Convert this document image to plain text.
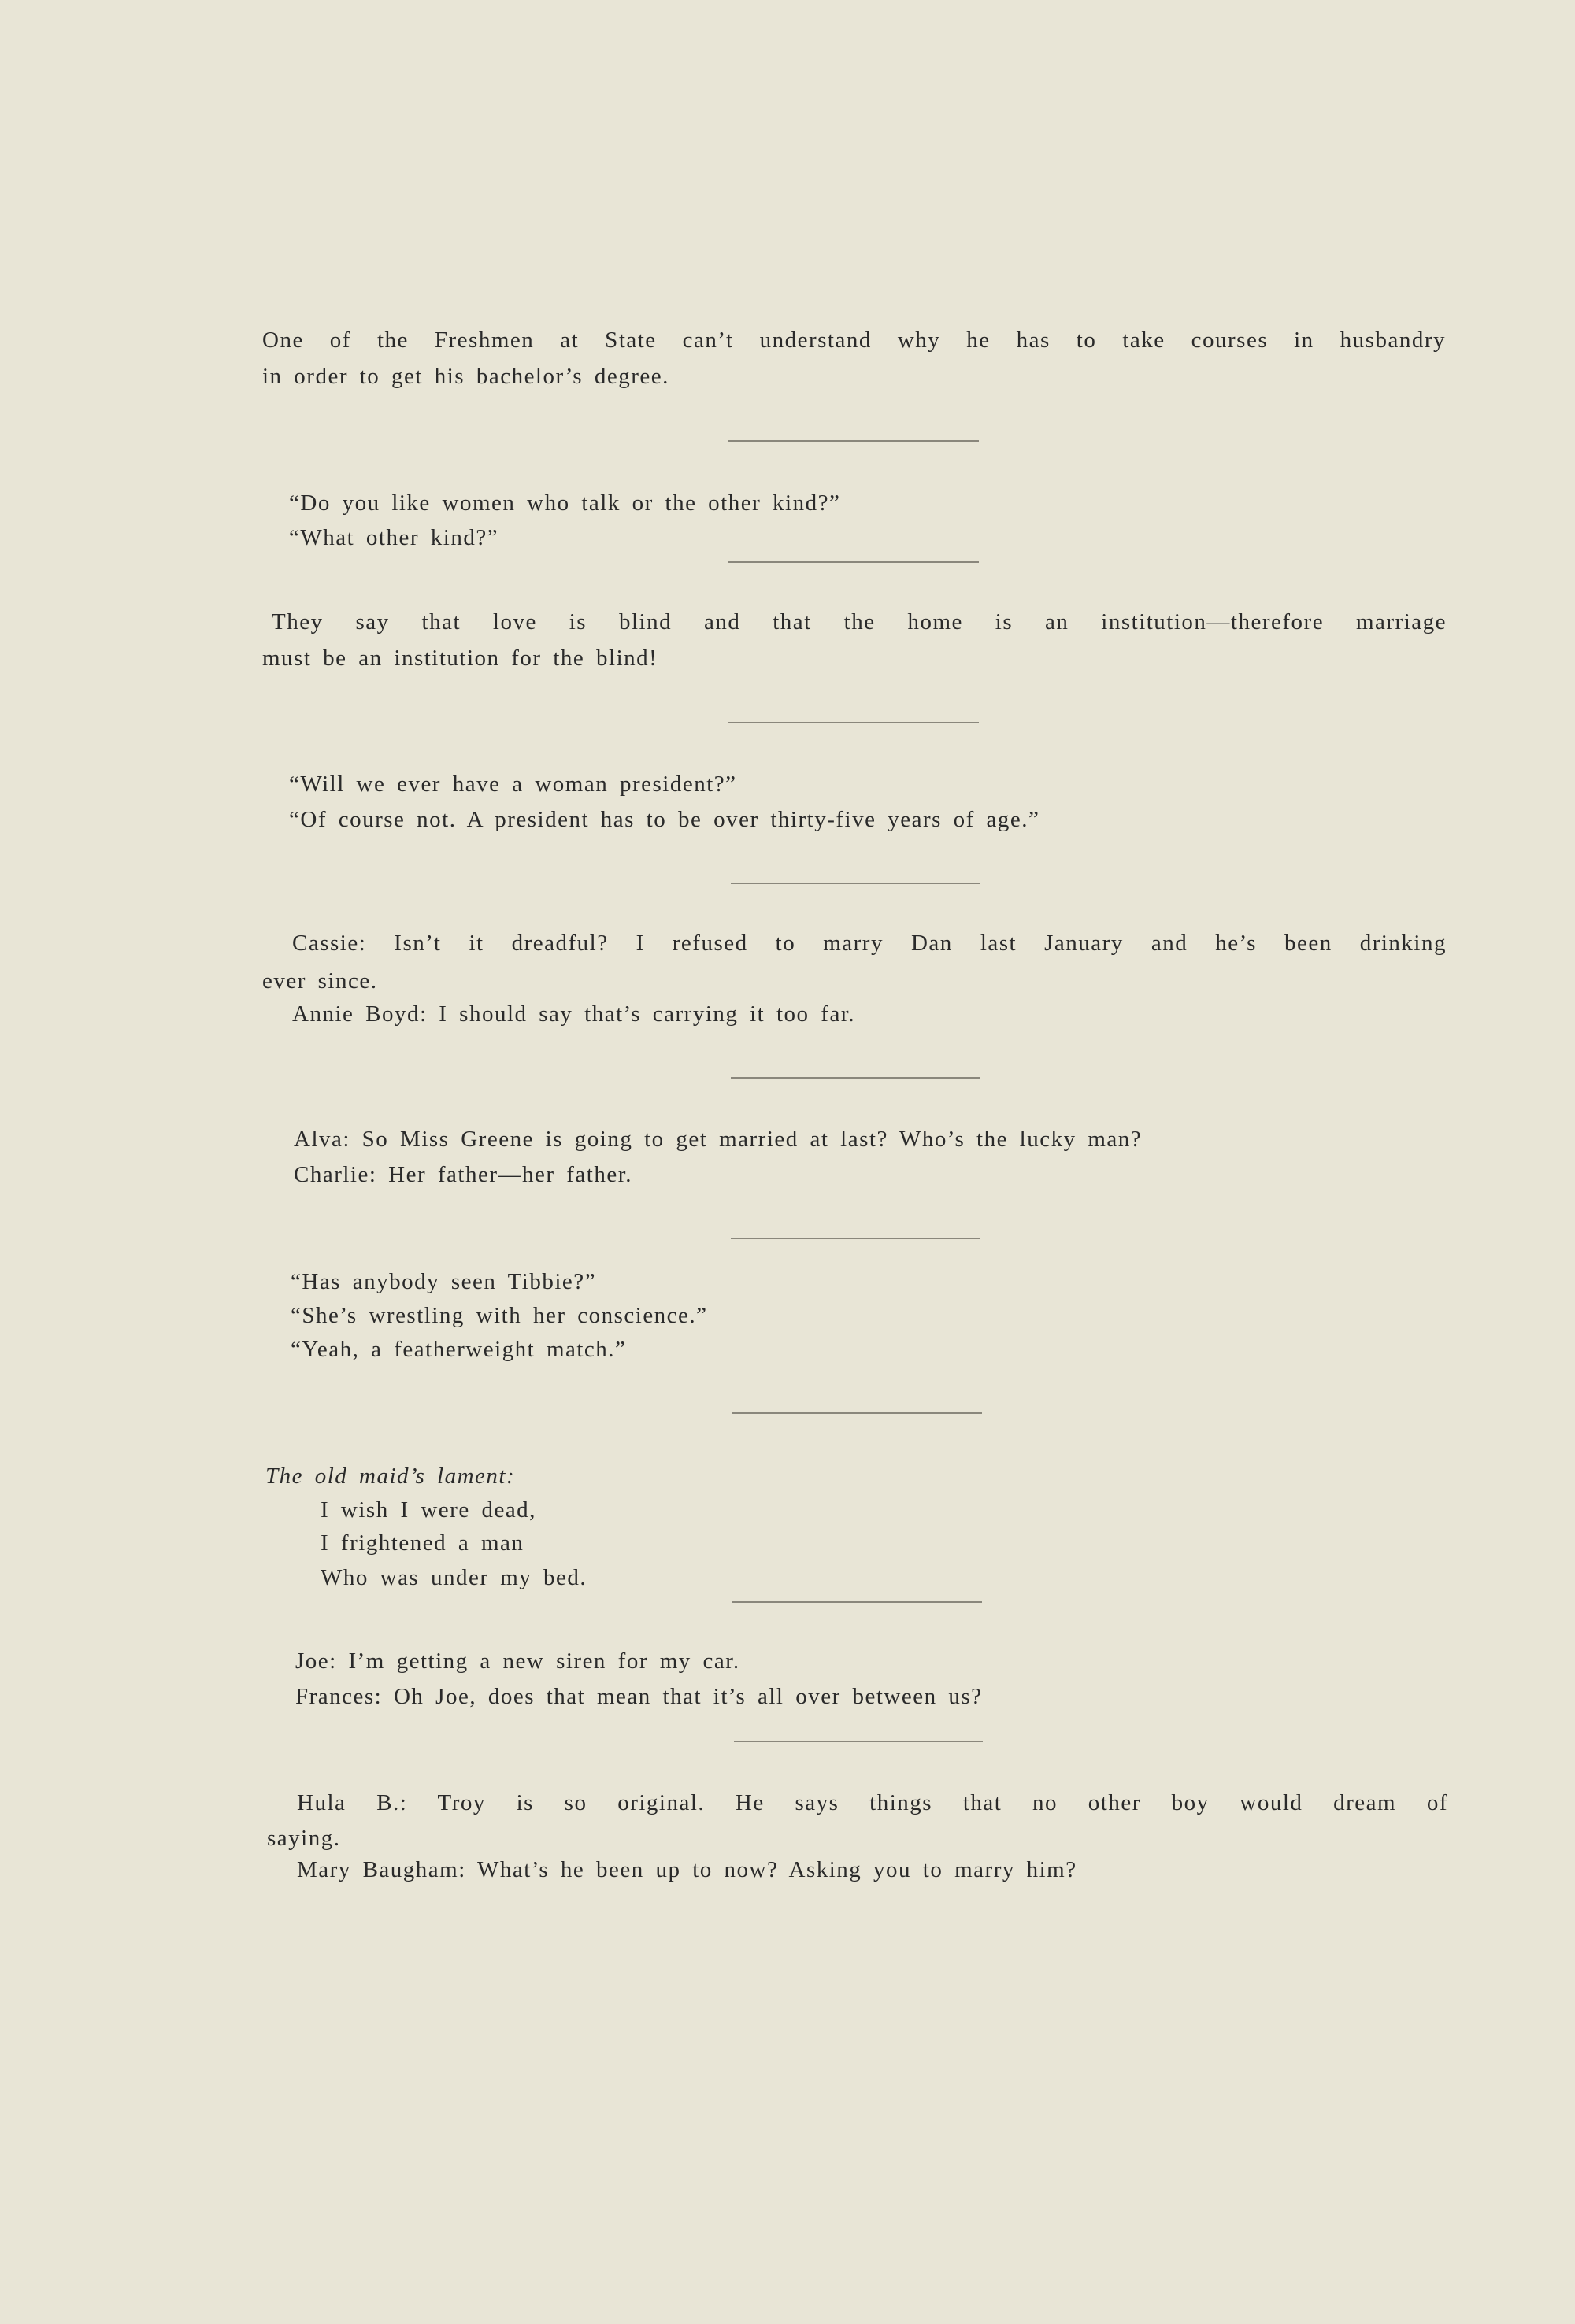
One of the Freshmen at State can’t understand why he has to take courses in husbandry
in order to get his bachelor’s degree.
“Do you like women who talk or the other kind?”
“What other kind?”
They say that love is blind and that the home is an institution—therefore marriage
must be an institution for the blind!
“Will we ever have a woman president?”
“Of course not. A president has to be over thirty-five years of age.”
Cassie: Isn’t it dreadful? I refused to marry Dan last January and he’s been drinking
ever since.
Annie Boyd: I should say that’s carrying it too far.
Alva: So Miss Greene is going to get married at last? Who’s the lucky man?
Charlie: Her father—her father.
“Has anybody seen Tibbie?”
“She’s wrestling with her conscience.”
“Yeah, a featherweight match.”
The old maid’s lament:
I wish I were dead,
I frightened a man
Who was under my bed.
Joe: I’m getting a new siren for my car.
Frances: Oh Joe, does that mean that it’s all over between us?
Hula B.: Troy is so original. He says things that no other boy would dream of
saying.
Mary Baugham: What’s he been up to now? Asking you to marry him?
